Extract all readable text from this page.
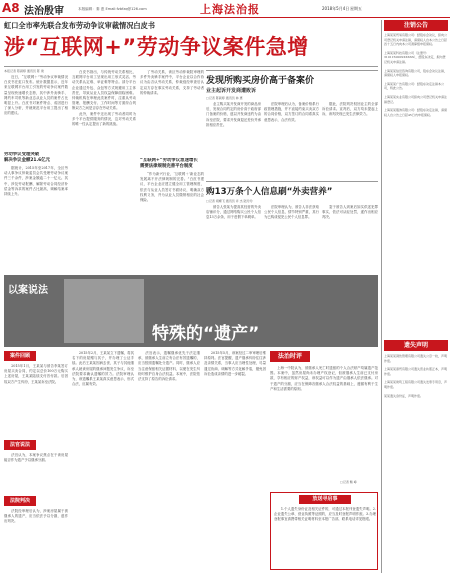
A8 法治殷审	本版编辑：秦 惠 Email:fzbfzq@126.com	上海法治报	2018年5月4日 星期五
虹口全市率先联合发布劳动争议审裁情况白皮书
涉“互联网+”劳动争议案件急增
本报记者 陈颖婷 通讯员 陈 建
　　近日，“互联网＋”劳动争议审裁情况白皮书在虹口发布。统计数据显示，近年来互联网平台用工引发的劳动争议案件数量呈现快速增长态势，其中涉外卖骑手、网约车司机等新业态从业人员的案件占比明显上升。白皮书对案件特点、成因进行了深入分析，并就规范平台用工提出了相应的建议。
劳动争议受理突破
解决争议金额21.6亿元
　　据统计，2015年至2017年，全区劳动人事争议仲裁委员会共受理劳动争议案件三千余件，涉案金额逾二十一亿元。其中，涉及劳动报酬、解除劳动合同经济补偿金等诉求的案件占比最高，调解结案率持续上升。
　　白皮书指出，与传统劳动关系相比，互联网平台用工呈现出用工形式灵活、劳动关系认定难、举证难等特点。部分平台企业通过外包、众包等方式规避用工主体责任，导致从业人员权益保障面临困难。仲裁机构在审理此类案件时，注重从劳动管理、报酬支付、工作时间等方面综合判断双方之间是否存在劳动关系。
　　此外，案件中还出现了劳动者同时为多个平台提供服务的情况，这对劳动关系的唯一性认定提出了新的挑战。
　　了劳动关系，该区劳动仲裁院审理的多件外卖骑手案件中，平台企业以合作协议为由否认劳动关系，仲裁庭经审查后认定双方存在事实劳动关系，支持了劳动者的仲裁请求。
“互联网+”劳动争议急速增长
需要法律规制完善平台制度
　　“作为新兴行业，‘互联网＋’新业态的发展离不开法律规制的完善。”白皮书建议，平台企业应建立健全用工管理制度，依法与从业人员签订书面协议，明确双方权利义务，并为从业人员缴纳相应的社会保险。
发现所购买房价高于备案价
业主起诉开发商遭败诉
□记者 陈颖婷 通讯员 林 惠
　　业主购买某开发商开发的商品房后，发现合同约定的房价高于政府部门备案的价格，遂以开发商违约为由诉至法院，要求开发商退还差价并承担相应责任。
　　法院审理后认为，备案价格系行政管理措施，并不直接约束买卖双方的合同价格，双方签订的合同系真实意思表示，合法有效。
　　据此，法院判决驳回业主的全部诉讼请求。宣判后，双方均未提起上诉，该判决现已发生法律效力。
购13万条个人信息刷“外卖营养”
□记者 胡蝶飞 通讯员 许 杰 陆玲玲
　　被告人张某为提高其经营的外卖店铺评分，通过网络购买公民个人信息13万余条，用于虚假下单刷单。
　　法院审理认为，被告人非法获取公民个人信息，情节特别严重，其行为已构成侵犯公民个人信息罪。
　　鉴于被告人到案后如实供述犯罪事实，依法可从轻处罚，遂作出相应判决。
以案说法
特殊的“遗产”
法治时评
案件回顾
　　2015年1月，王某某与被告李某签订房屋买卖合同，约定以总价100万元购买上述房屋，王某某陆续支付首付款。后因故双方产生纠纷，王某某诉至法院。
法官说法
　　法官认为，本案争议焦点在于该房屋能否作为遗产予以继承分割。
法院判决
　　法院经审理后认为，涉案房屋属于被继承人的遗产，应当依法予以分割，遂作出判决。
　　2015年2月，王某某立下遗嘱，将其名下的房屋赠与其子，并办理了公证手续。此后王某某因病去世，其子与其他继承人就该房屋的继承问题发生争议，诉至法院要求确认遗嘱的效力。法院审理认为，该遗嘱系王某某真实意思表示，形式合法，应属有效。
　　法官表示，遗嘱继承优先于法定继承，被继承人生前立有合法有效遗嘱的，应当按照遗嘱处分遗产。同时，继承人应当注意保留相关证据材料，以便在发生纠纷时维护自身合法权益。本案中，法院依法支持了原告的诉讼请求。
　　2015年5月，该案经过二审审理后维持原判。法官提醒，遗产继承纠纷往往涉及亲情关系，当事人应当理性处理，尽量通过协商、调解等方式化解矛盾，避免因诉讼造成亲情的进一步破裂。
　　上海一中院认为，被继承人死亡时遗留的个人合法财产均属遗产范围。本案中，虽然房屋尚未办理产权登记，但被继承人生前已支付房款，享有相应的财产权益，该权益可以作为遗产由继承人依法继承。对于遗产的分割，应当在保障各继承人合法权益的基础上，遵循有利于生产和生活需要的原则。
□记者 鲍 峥
放送寻启事
　　1.个人遗失身份证及相关证件的，可通过本报刊登遗失声明。2.企业遗失公章、营业执照等证照的，应当及时登报声明作废。3.办理登报事宜请携带相关证明材料至本报广告部，联系电话详见报眼。
注销公告
上海某某贸易有限公司：经股东会决议，拟向公司登记机关申请注销，请债权人自本公告之日起四十五日内向本公司清算组申报债权。
上海某某科技有限公司（注册号：310115000XXXXXX），经股东决定，拟向登记机关申请注销。
上海某某信息咨询有限公司，股东会决议注销，请债权人申报债权。
上海某某广告有限公司：经股东决定注销本公司，特此公告。
上海某某实业有限公司拟向公司登记机关申请注销登记。
上海某某服饰有限公司：经股东决定注销，请债权人自公告之日起45日内申报债权。
遗失声明
上海某某餐饮管理有限公司遗失公章一枚，声明作废。
上海某某商贸有限公司遗失营业执照正本，声明作废。
上海某某建筑工程有限公司遗失发票专用章，声明作废。
某某遗失身份证，声明作废。
